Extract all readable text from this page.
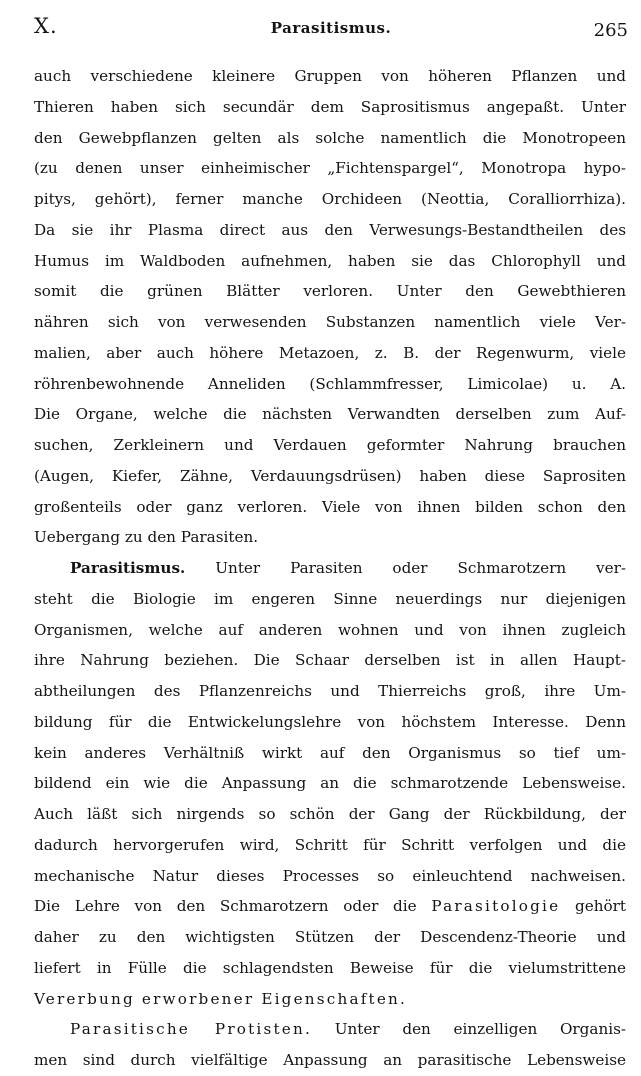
X.	Parasitismus.	265
auch verschiedene kleinere Gruppen von höheren Pflanzen und
Thieren haben sich secundär dem Saprositismus angepaßt. Unter
den Gewebpflanzen gelten als solche namentlich die Monotropeen
(zu denen unser einheimischer „Fichtenspargel“, Monotropa hypo-
pitys, gehört), ferner manche Orchideen (Neottia, Coralliorrhiza).
Da sie ihr Plasma direct aus den Verwesungs-Bestandtheilen des
Humus im Waldboden aufnehmen, haben sie das Chlorophyll und
somit die grünen Blätter verloren. Unter den Gewebthieren
nähren sich von verwesenden Substanzen namentlich viele Ver-
malien, aber auch höhere Metazoen, z. B. der Regenwurm, viele
röhrenbewohnende Anneliden (Schlammfresser, Limicolae) u. A.
Die Organe, welche die nächsten Verwandten derselben zum Auf-
suchen, Zerkleinern und Verdauen geformter Nahrung brauchen
(Augen, Kiefer, Zähne, Verdauungsdrüsen) haben diese Saprositen
großenteils oder ganz verloren. Viele von ihnen bilden schon den
Uebergang zu den Parasiten.
Parasitismus. Unter Parasiten oder Schmarotzern ver-
steht die Biologie im engeren Sinne neuerdings nur diejenigen
Organismen, welche auf anderen wohnen und von ihnen zugleich
ihre Nahrung beziehen. Die Schaar derselben ist in allen Haupt-
abtheilungen des Pflanzenreichs und Thierreichs groß, ihre Um-
bildung für die Entwickelungslehre von höchstem Interesse. Denn
kein anderes Verhältniß wirkt auf den Organismus so tief um-
bildend ein wie die Anpassung an die schmarotzende Lebensweise.
Auch läßt sich nirgends so schön der Gang der Rückbildung, der
dadurch hervorgerufen wird, Schritt für Schritt verfolgen und die
mechanische Natur dieses Processes so einleuchtend nachweisen.
Die Lehre von den Schmarotzern oder die Parasitologie gehört
daher zu den wichtigsten Stützen der Descendenz-Theorie und
liefert in Fülle die schlagendsten Beweise für die vielumstrittene
Vererbung erworbener Eigenschaften.
Parasitische Protisten. Unter den einzelligen Organis-
men sind durch vielfältige Anpassung an parasitische Lebensweise
